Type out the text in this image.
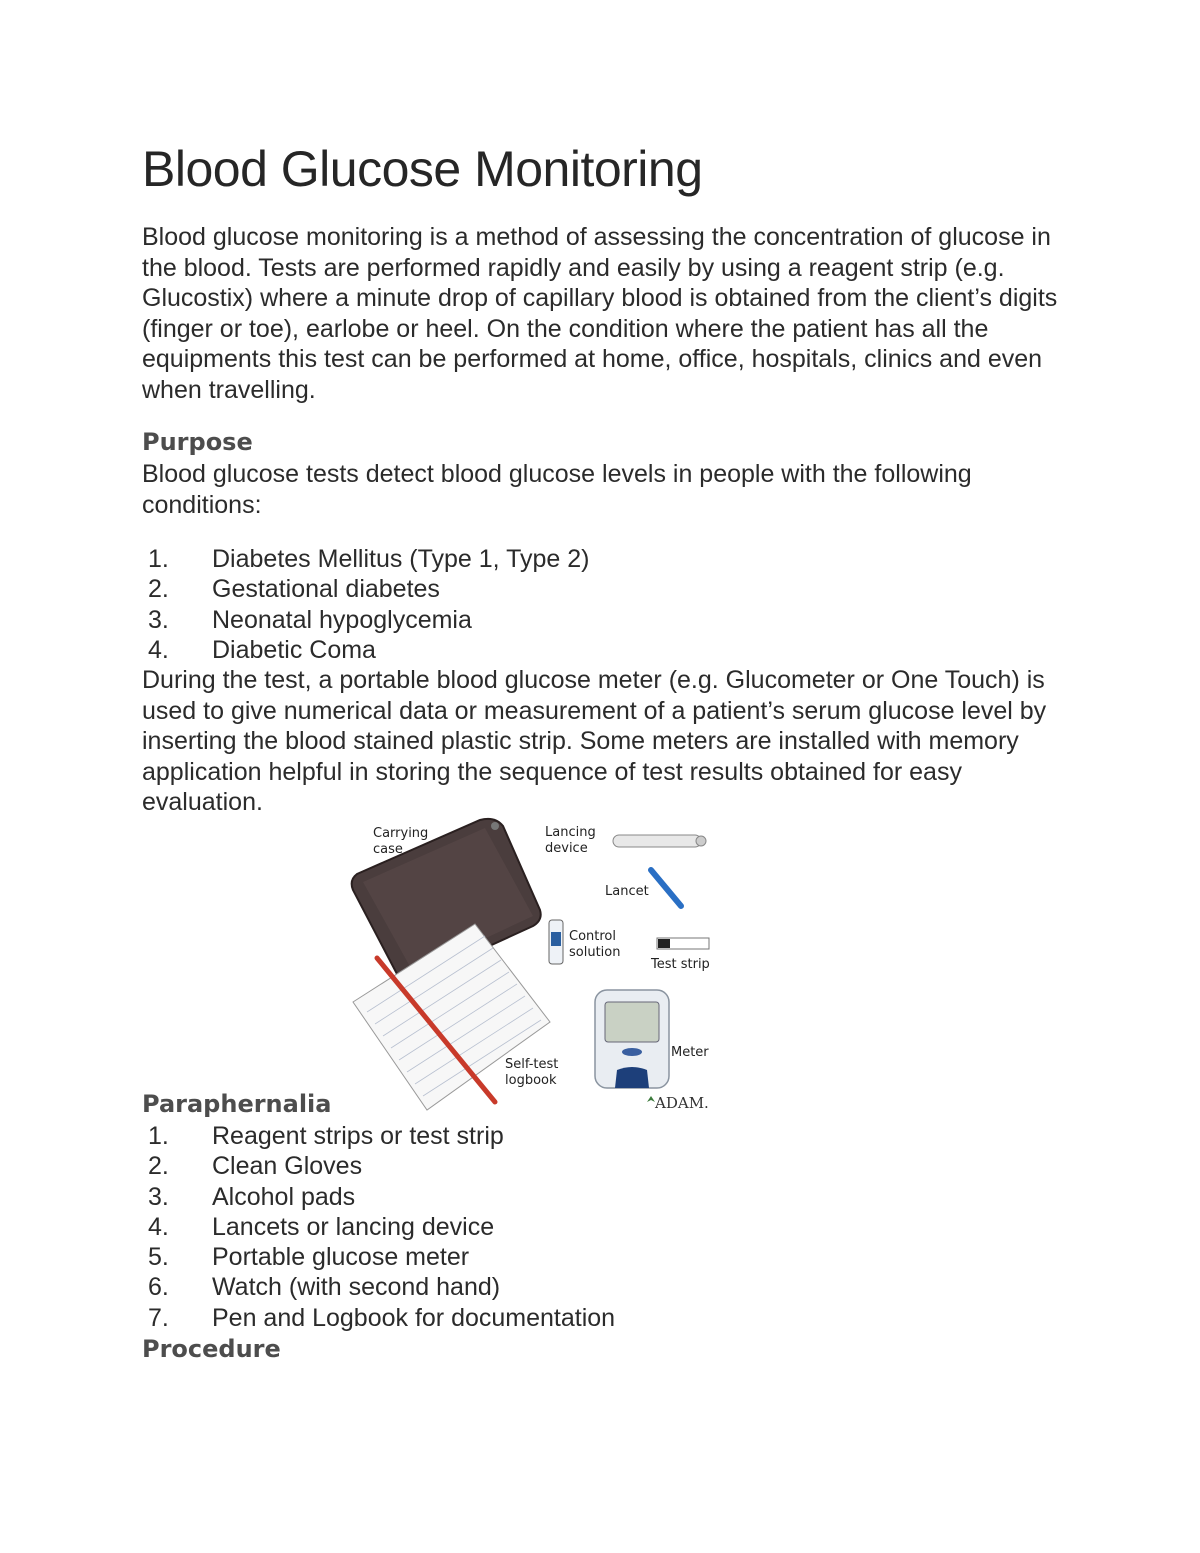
Blood Glucose Monitoring

Blood glucose monitoring is a method of assessing the concentration of glucose in the blood. Tests are performed rapidly and easily by using a reagent strip (e.g. Glucostix) where a minute drop of capillary blood is obtained from the client’s digits (finger or toe), earlobe or heel. On the condition where the patient has all the equipments this test can be performed at home, office, hospitals, clinics and even when travelling.

Purpose

Blood glucose tests detect blood glucose levels in people with the following conditions:

1. Diabetes Mellitus (Type 1, Type 2)
2. Gestational diabetes
3. Neonatal hypoglycemia
4. Diabetic Coma

During the test, a portable blood glucose meter (e.g. Glucometer or One Touch) is used to give numerical data or measurement of a patient’s serum glucose level by inserting the blood stained plastic strip. Some meters are installed with memory application helpful in storing the sequence of test results obtained for easy evaluation.

Carrying
case
Self-test
logbook
Lancing
device
Lancet
Control
solution
Test strip
Meter
ADAM.
Paraphernalia
1. Reagent strips or test strip
2. Clean Gloves
3. Alcohol pads
4. Lancets or lancing device
5. Portable glucose meter
6. Watch (with second hand)
7. Pen and Logbook for documentation
Procedure
